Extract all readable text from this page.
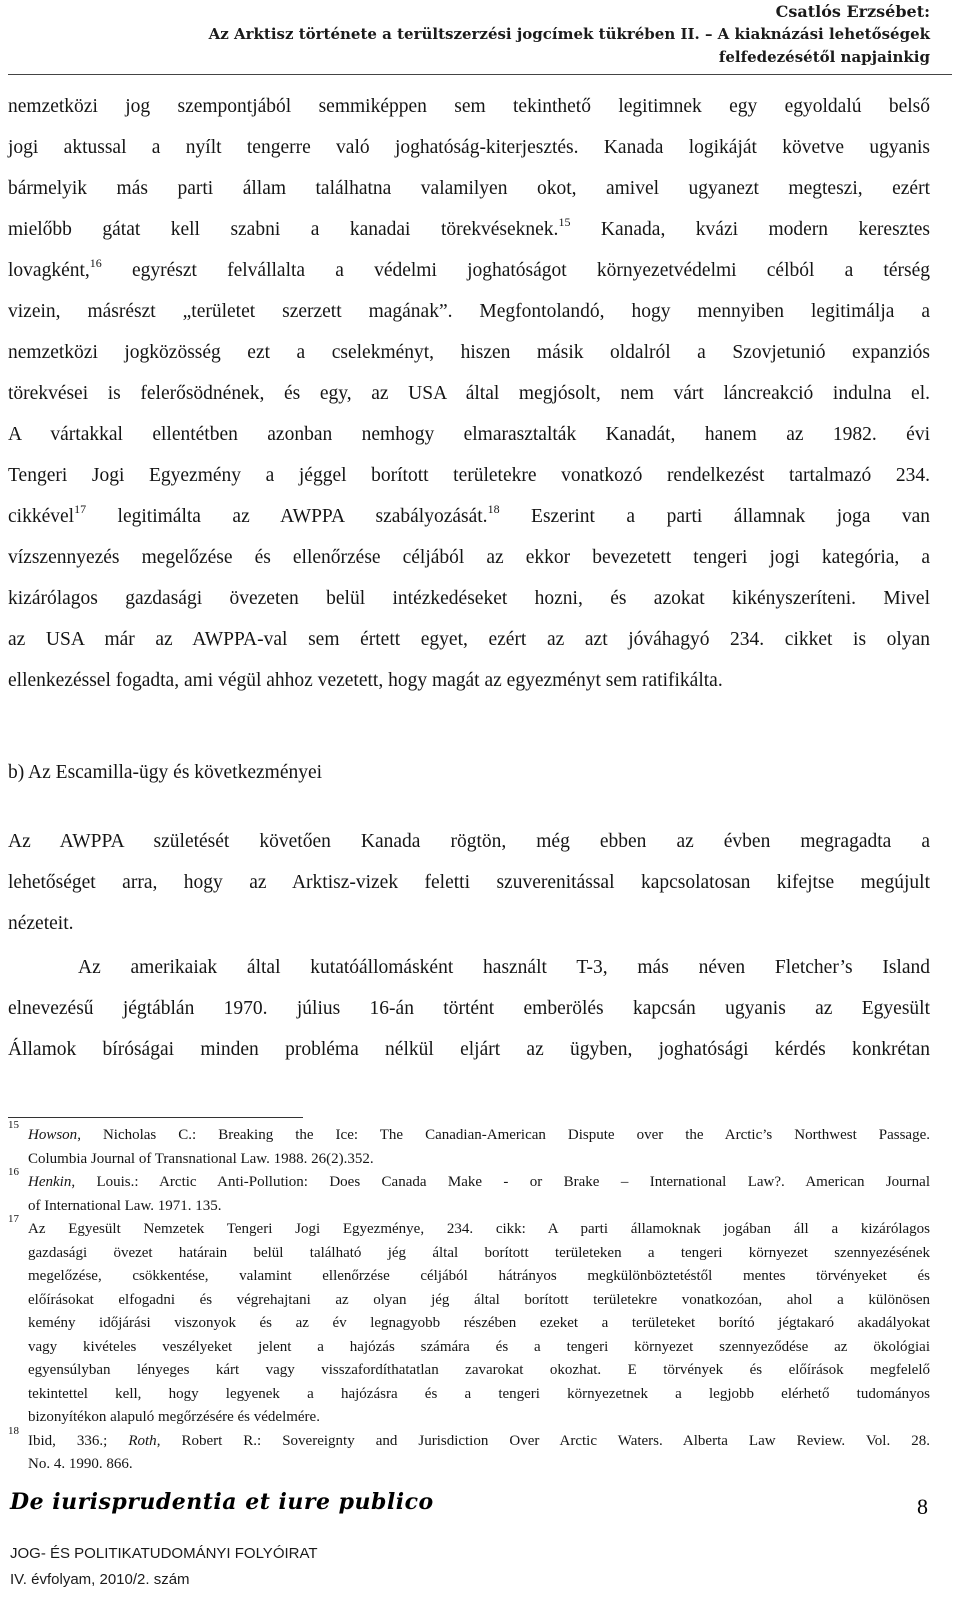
Csatlós Erzsébet:
Az Arktisz története a terültszerzési jogcímek tükrében II. – A kiaknázási lehetőségek
felfedezésétől napjainkig
nemzetközi jog szempontjából semmiképpen sem tekinthető legitimnek egy egyoldalú belső
jogi aktussal a nyílt tengerre való joghatóság-kiterjesztés. Kanada logikáját követve ugyanis
bármelyik más parti állam találhatna valamilyen okot, amivel ugyanezt megteszi, ezért
mielőbb gátat kell szabni a kanadai törekvéseknek.$^{15}$ Kanada, kvázi modern keresztes
lovagként,$^{16}$ egyrészt felvállalta a védelmi joghatóságot környezetvédelmi célból a térség
vizein, másrészt „területet szerzett magának”. Megfontolandó, hogy mennyiben legitimálja a
nemzetközi jogközösség ezt a cselekményt, hiszen másik oldalról a Szovjetunió expanziós
törekvései is felerősödnének, és egy, az USA által megjósolt, nem várt láncreakció indulna el.
A vártakkal ellentétben azonban nemhogy elmarasztalták Kanadát, hanem az 1982. évi
Tengeri Jogi Egyezmény a jéggel borított területekre vonatkozó rendelkezést tartalmazó 234.
cikkével$^{17}$ legitimálta az AWPPA szabályozását.$^{18}$ Eszerint a parti államnak joga van
vízszennyezés megelőzése és ellenőrzése céljából az ekkor bevezetett tengeri jogi kategória, a
kizárólagos gazdasági övezeten belül intézkedéseket hozni, és azokat kikényszeríteni. Mivel
az USA már az AWPPA-val sem értett egyet, ezért az azt jóváhagyó 234. cikket is olyan
ellenkezéssel fogadta, ami végül ahhoz vezetett, hogy magát az egyezményt sem ratifikálta.
b) Az Escamilla-ügy és következményei
Az AWPPA születését követően Kanada rögtön, még ebben az évben megragadta a
lehetőséget arra, hogy az Arktisz-vizek feletti szuverenitással kapcsolatosan kifejtse megújult
nézeteit.
Az amerikaiak által kutatóállomásként használt T-3, más néven Fletcher’s Island
elnevezésű jégtáblán 1970. július 16-án történt emberölés kapcsán ugyanis az Egyesült
Államok bíróságai minden probléma nélkül eljárt az ügyben, joghatósági kérdés konkrétan
15
Howson, Nicholas C.: Breaking the Ice: The Canadian-American Dispute over the Arctic’s Northwest Passage.
Columbia Journal of Transnational Law. 1988. 26(2).352.
16
Henkin, Louis.: Arctic Anti-Pollution: Does Canada Make - or Brake – International Law?. American Journal
of International Law. 1971. 135.
17
Az Egyesült Nemzetek Tengeri Jogi Egyezménye, 234. cikk: A parti államoknak jogában áll a kizárólagos
gazdasági övezet határain belül található jég által borított területeken a tengeri környezet szennyezésének
megelőzése, csökkentése, valamint ellenőrzése céljából hátrányos megkülönböztetéstől mentes törvényeket és
előírásokat elfogadni és végrehajtani az olyan jég által borított területekre vonatkozóan, ahol a különösen
kemény időjárási viszonyok és az év legnagyobb részében ezeket a területeket borító jégtakaró akadályokat
vagy kivételes veszélyeket jelent a hajózás számára és a tengeri környezet szennyeződése az ökológiai
egyensúlyban lényeges kárt vagy visszafordíthatatlan zavarokat okozhat. E törvények és előírások megfelelő
tekintettel kell, hogy legyenek a hajózásra és a tengeri környezetnek a legjobb elérhető tudományos
bizonyítékon alapuló megőrzésére és védelmére.
18
Ibid, 336.; Roth, Robert R.: Sovereignty and Jurisdiction Over Arctic Waters. Alberta Law Review. Vol. 28.
No. 4. 1990. 866.
De iurisprudentia et iure publico	8
JOG- ÉS POLITIKATUDOMÁNYI FOLYÓIRAT
IV. évfolyam, 2010/2. szám
